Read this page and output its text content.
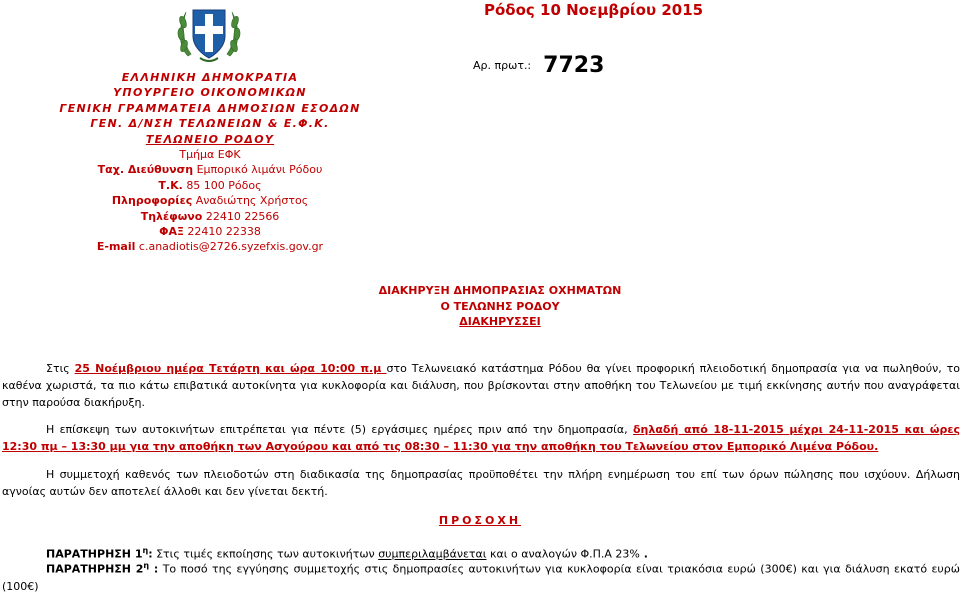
ΕΛΛΗΝΙΚΗ ΔΗΜΟΚΡΑΤΙΑ
ΥΠΟΥΡΓΕΙΟ ΟΙΚΟΝΟΜΙΚΩΝ
ΓΕΝΙΚΗ ΓΡΑΜΜΑΤΕΙΑ ΔΗΜΟΣΙΩΝ ΕΣΟΔΩΝ
ΓΕΝ. Δ/ΝΣΗ ΤΕΛΩΝΕΙΩΝ & Ε.Φ.Κ.
ΤΕΛΩΝΕΙΟ ΡΟΔΟΥ
Τμήμα ΕΦΚ
Ταχ. Διεύθυνση Εμπορικό λιμάνι Ρόδου
Τ.Κ. 85 100 Ρόδος
Πληροφορίες Αναδιώτης Χρήστος
Τηλέφωνο 22410 22566
ΦΑΞ 22410 22338
E-mail c.anadiotis@2726.syzefxis.gov.gr
Ρόδος 10 Νοεμβρίου 2015
Αρ. πρωτ.: 7723
ΔΙΑΚΗΡΥΞΗ ΔΗΜΟΠΡΑΣΙΑΣ ΟΧΗΜΑΤΩΝ
Ο ΤΕΛΩΝΗΣ ΡΟΔΟΥ
ΔΙΑΚΗΡΥΣΣΕΙ
Στις 25 Νοέμβριου ημέρα Τετάρτη και ώρα 10:00 π.μ στο Τελωνειακό κατάστημα Ρόδου θα γίνει προφορική πλειοδοτική δημοπρασία για να πωληθούν, το καθένα χωριστά, τα πιο κάτω επιβατικά αυτοκίνητα για κυκλοφορία και διάλυση, που βρίσκονται στην αποθήκη του Τελωνείου με τιμή εκκίνησης αυτήν που αναγράφεται στην παρούσα διακήρυξη.
Η επίσκεψη των αυτοκινήτων επιτρέπεται για πέντε (5) εργάσιμες ημέρες πριν από την δημοπρασία, δηλαδή από 18-11-2015 μέχρι 24-11-2015 και ώρες 12:30 πμ – 13:30 μμ για την αποθήκη των Ασγούρου και από τις 08:30 – 11:30 για την αποθήκη του Τελωνείου στον Εμπορικό Λιμένα Ρόδου.
Η συμμετοχή καθενός των πλειοδοτών στη διαδικασία της δημοπρασίας προϋποθέτει την πλήρη ενημέρωση του επί των όρων πώλησης που ισχύουν. Δήλωση αγνοίας αυτών δεν αποτελεί άλλοθι και δεν γίνεται δεκτή.
ΠΡΟΣΟΧΗ
ΠΑΡΑΤΗΡΗΣΗ $1^\eta$: Στις τιμές εκποίησης των αυτοκινήτων συμπεριλαμβάνεται και ο αναλογών Φ.Π.Α 23% .
ΠΑΡΑΤΗΡΗΣΗ $2^\eta$ : Το ποσό της εγγύησης συμμετοχής στις δημοπρασίες αυτοκινήτων για κυκλοφορία είναι τριακόσια ευρώ (300€) και για διάλυση εκατό ευρώ (100€)
